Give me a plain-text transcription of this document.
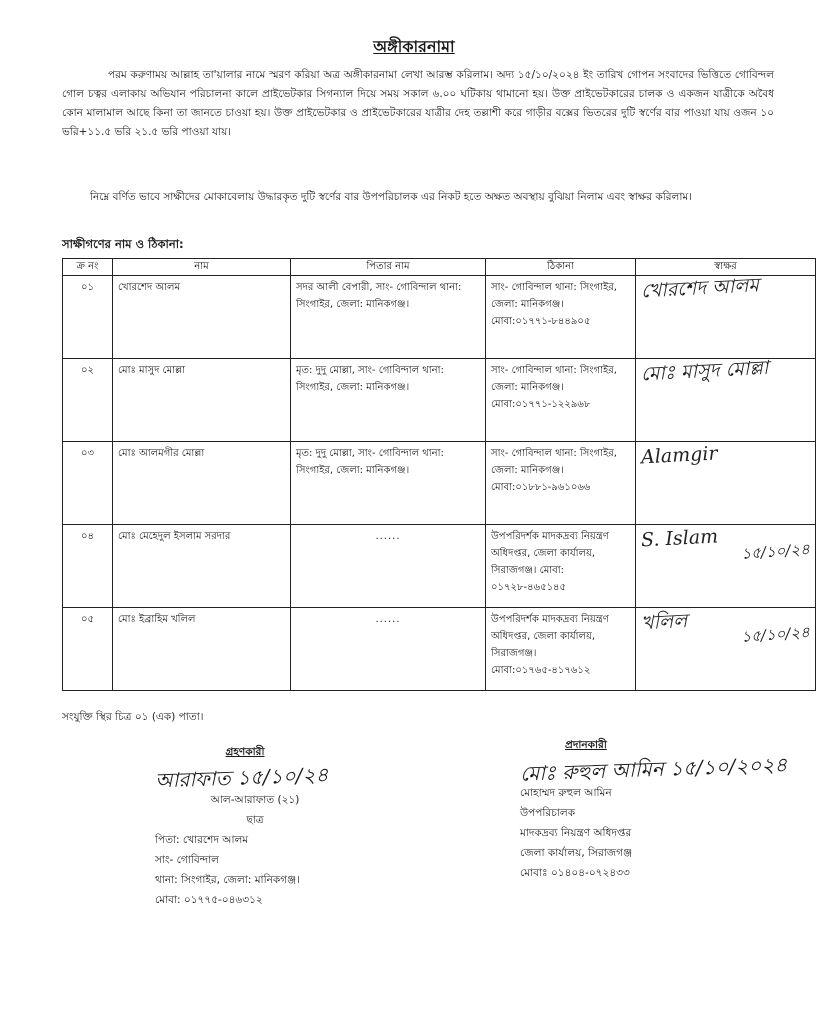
অঙ্গীকারনামা
পরম করুণাময় আল্লাহ তা'য়ালার নামে স্মরণ করিয়া অত্র অঙ্গীকারনামা লেখা আরম্ভ করিলাম। অদ্য ১৫/১০/২০২৪ ইং তারিখ গোপন সংবাদের ভিত্তিতে গোবিন্দল গোল চত্বর এলাকায় অভিযান পরিচালনা কালে প্রাইভেটকার সিগন্যাল দিয়ে সময় সকাল ৬.০০ ঘটিকায় থামানো হয়। উক্ত প্রাইভেটকারের চালক ও একজন যাত্রীকে অবৈধ কোন মালামাল আছে কিনা তা জানতে চাওয়া হয়। উক্ত প্রাইভেটকার ও প্রাইভেটকারের যাত্রীর দেহ তল্লাশী করে গাড়ীর বক্সের ভিতরের দুটি স্বর্ণের বার পাওয়া যায় ওজন ১০ ভরি+১১.৫ ভরি ২১.৫ ভরি পাওয়া যায়।
নিম্নে বর্ণিত ভাবে সাক্ষীদের মোকাবেলায় উদ্ধারকৃত দুটি স্বর্ণের বার উপপরিচালক এর নিকট হতে অক্ষত অবস্থায় বুঝিয়া নিলাম এবং স্বাক্ষর করিলাম।
সাক্ষীগণের নাম ও ঠিকানা:
ক্র নং	নাম	পিতার নাম	ঠিকানা	স্বাক্ষর
০১	খোরশেদ আলম	সদর আলী বেপারী, সাং- গোবিন্দাল থানা: সিংগাইর, জেলা: মানিকগঞ্জ।	সাং- গোবিন্দাল থানা: সিংগাইর, জেলা: মানিকগঞ্জ। মোবা:০১৭৭১-৮৪৪৯০৫	খোরশেদ আলম

০২	মোঃ মাসুদ মোল্লা	মৃত: দুদু মোল্লা, সাং- গোবিন্দাল থানা: সিংগাইর, জেলা: মানিকগঞ্জ।	সাং- গোবিন্দাল থানা: সিংগাইর, জেলা: মানিকগঞ্জ। মোবা:০১৭৭১-১২২৯৬৮	মোঃ মাসুদ মোল্লা

০৩	মোঃ আলমগীর মোল্লা	মৃত: দুদু মোল্লা, সাং- গোবিন্দাল থানা: সিংগাইর, জেলা: মানিকগঞ্জ।	সাং- গোবিন্দাল থানা: সিংগাইর, জেলা: মানিকগঞ্জ। মোবা:০১৮৮১-৯৬১০৬৬	Alamgir

০৪	মোঃ মেহেদুল ইসলাম সরদার	......	উপপরিদর্শক মাদকদ্রব্য নিয়ন্ত্রণ অধিদপ্তর, জেলা কার্যালয়, সিরাজগঞ্জ। মোবা: ০১৭২৮-৪৬৫১৪৫	S. Islam
১৫/১০/২৪

০৫	মোঃ ইব্রাহিম খলিল	......	উপপরিদর্শক মাদকদ্রব্য নিয়ন্ত্রণ অধিদপ্তর, জেলা কার্যালয়, সিরাজগঞ্জ। মোবা:০১৭৬৫-৪১৭৬১২	খলিল
১৫/১০/২৪
সংযুক্তি স্থির চিত্র ০১ (এক) পাতা।
গ্রহণকারী
আরাফাত ১৫/১০/২৪
আল-আরাফাত (২১)
ছাত্র
পিতা: খোরশেদ আলম
সাং- গোবিন্দাল
থানা: সিংগাইর, জেলা: মানিকগঞ্জ।
মোবা: ০১৭৭৫-০৪৬৩১২
প্রদানকারী
মোঃ রুহুল আমিন ১৫/১০/২০২৪
মোহাম্মদ রুহুল আমিন
উপপরিচালক
মাদকদ্রব্য নিয়ন্ত্রণ অধিদপ্তর
জেলা কার্যালয়, সিরাজগঞ্জ
মোবাঃ ০১৪০৪-০৭২৪৩৩
